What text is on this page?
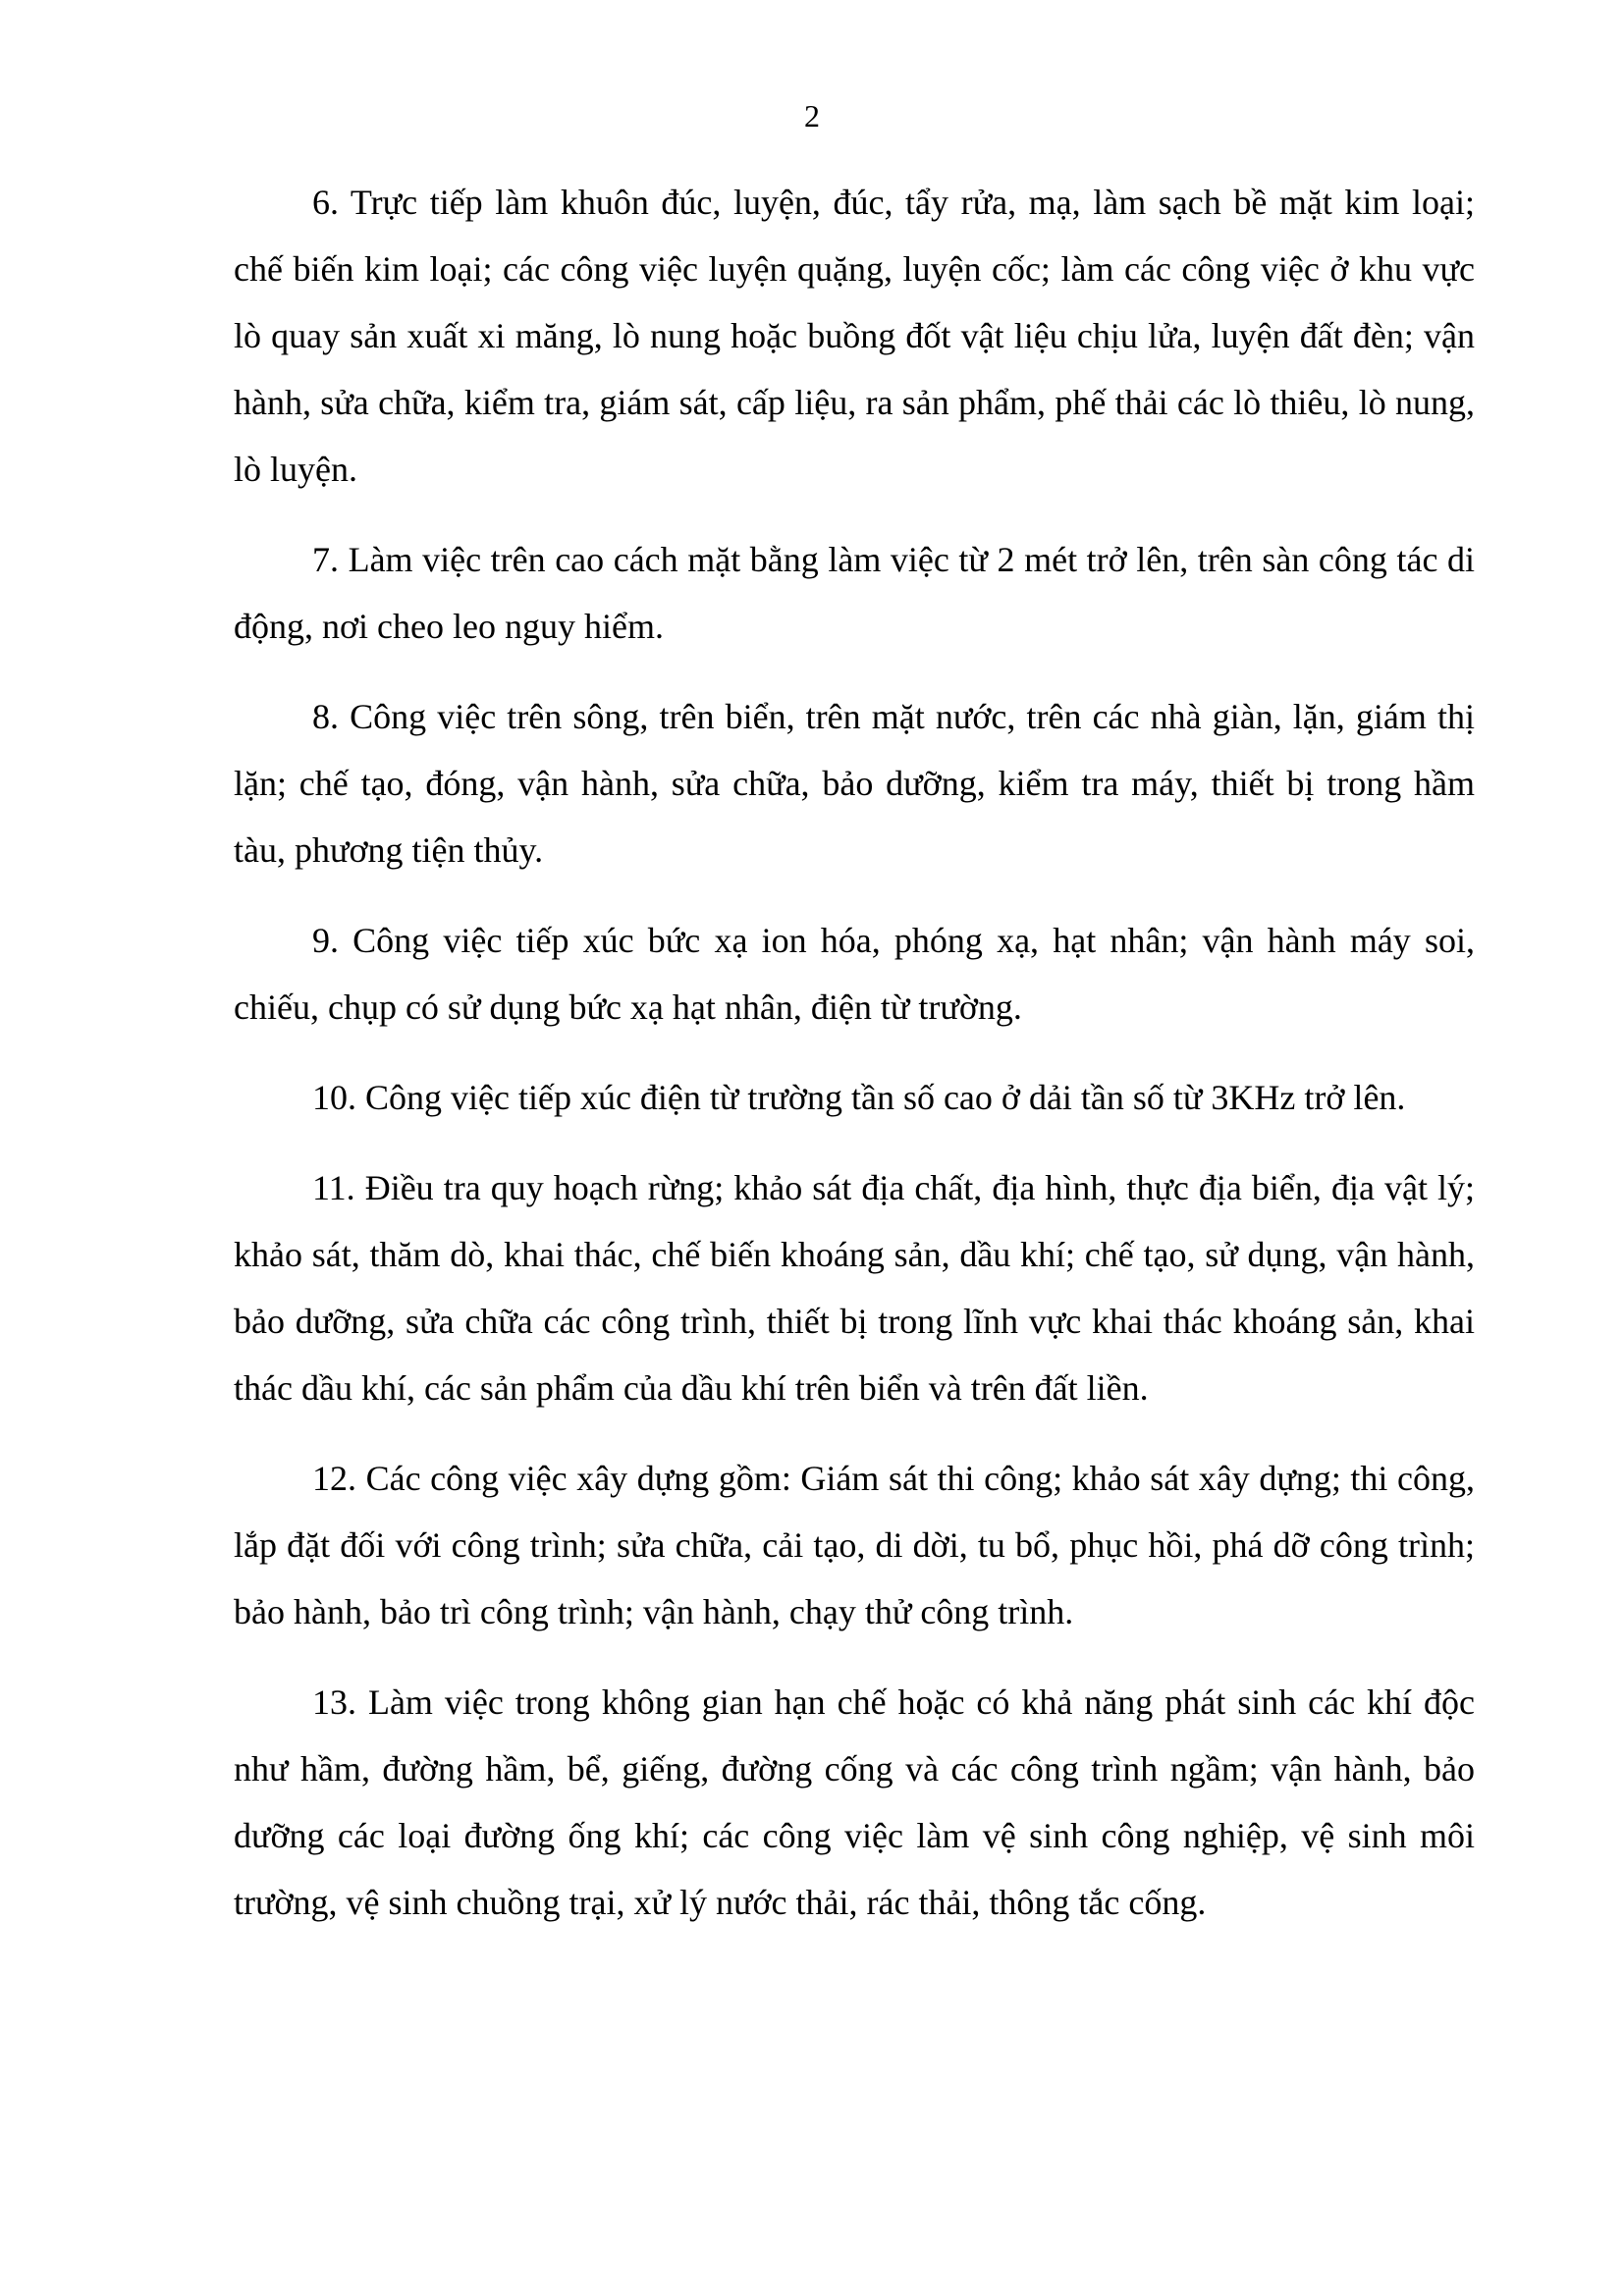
2

6. Trực tiếp làm khuôn đúc, luyện, đúc, tẩy rửa, mạ, làm sạch bề mặt kim loại; chế biến kim loại; các công việc luyện quặng, luyện cốc; làm các công việc ở khu vực lò quay sản xuất xi măng, lò nung hoặc buồng đốt vật liệu chịu lửa, luyện đất đèn; vận hành, sửa chữa, kiểm tra, giám sát, cấp liệu, ra sản phẩm, phế thải các lò thiêu, lò nung, lò luyện.

7. Làm việc trên cao cách mặt bằng làm việc từ 2 mét trở lên, trên sàn công tác di động, nơi cheo leo nguy hiểm.

8. Công việc trên sông, trên biển, trên mặt nước, trên các nhà giàn, lặn, giám thị lặn; chế tạo, đóng, vận hành, sửa chữa, bảo dưỡng, kiểm tra máy, thiết bị trong hầm tàu, phương tiện thủy.

9. Công việc tiếp xúc bức xạ ion hóa, phóng xạ, hạt nhân; vận hành máy soi, chiếu, chụp có sử dụng bức xạ hạt nhân, điện từ trường.

10. Công việc tiếp xúc điện từ trường tần số cao ở dải tần số từ 3KHz trở lên.

11. Điều tra quy hoạch rừng; khảo sát địa chất, địa hình, thực địa biển, địa vật lý; khảo sát, thăm dò, khai thác, chế biến khoáng sản, dầu khí; chế tạo, sử dụng, vận hành, bảo dưỡng, sửa chữa các công trình, thiết bị trong lĩnh vực khai thác khoáng sản, khai thác dầu khí, các sản phẩm của dầu khí trên biển và trên đất liền.

12. Các công việc xây dựng gồm: Giám sát thi công; khảo sát xây dựng; thi công, lắp đặt đối với công trình; sửa chữa, cải tạo, di dời, tu bổ, phục hồi, phá dỡ công trình; bảo hành, bảo trì công trình; vận hành, chạy thử công trình.

13. Làm việc trong không gian hạn chế hoặc có khả năng phát sinh các khí độc như hầm, đường hầm, bể, giếng, đường cống và các công trình ngầm; vận hành, bảo dưỡng các loại đường ống khí; các công việc làm vệ sinh công nghiệp, vệ sinh môi trường, vệ sinh chuồng trại, xử lý nước thải, rác thải, thông tắc cống.
